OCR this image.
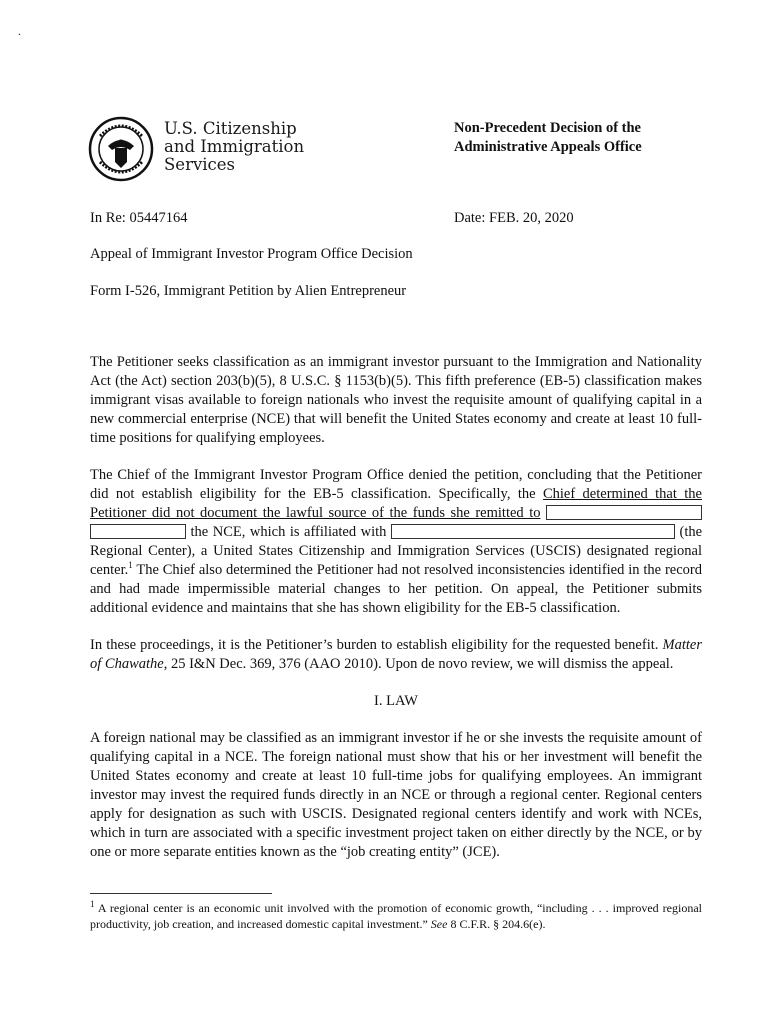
.
U.S. Citizenship
and Immigration
Services
Non-Precedent Decision of the
Administrative Appeals Office
In Re: 05447164	Date: FEB. 20, 2020
Appeal of Immigrant Investor Program Office Decision
Form I-526, Immigrant Petition by Alien Entrepreneur

The Petitioner seeks classification as an immigrant investor pursuant to the Immigration and Nationality Act (the Act) section 203(b)(5), 8 U.S.C. § 1153(b)(5). This fifth preference (EB-5) classification makes immigrant visas available to foreign nationals who invest the requisite amount of qualifying capital in a new commercial enterprise (NCE) that will benefit the United States economy and create at least 10 full-time positions for qualifying employees.

The Chief of the Immigrant Investor Program Office denied the petition, concluding that the Petitioner did not establish eligibility for the EB-5 classification. Specifically, the Chief determined that the Petitioner did not document the lawful source of the funds she remitted to   the NCE, which is affiliated with	(the Regional Center), a United States Citizenship and Immigration Services (USCIS) designated regional center.$^1$ The Chief also determined the Petitioner had not resolved inconsistencies identified in the record and had made impermissible material changes to her petition. On appeal, the Petitioner submits additional evidence and maintains that she has shown eligibility for the EB-5 classification.

In these proceedings, it is the Petitioner’s burden to establish eligibility for the requested benefit. Matter of Chawathe, 25 I&N Dec. 369, 376 (AAO 2010). Upon de novo review, we will dismiss the appeal.

I. LAW

A foreign national may be classified as an immigrant investor if he or she invests the requisite amount of qualifying capital in a NCE. The foreign national must show that his or her investment will benefit the United States economy and create at least 10 full-time jobs for qualifying employees. An immigrant investor may invest the required funds directly in an NCE or through a regional center. Regional centers apply for designation as such with USCIS. Designated regional centers identify and work with NCEs, which in turn are associated with a specific investment project taken on either directly by the NCE, or by one or more separate entities known as the “job creating entity” (JCE).

$^1$ A regional center is an economic unit involved with the promotion of economic growth, “including . . . improved regional productivity, job creation, and increased domestic capital investment.” See 8 C.F.R. § 204.6(e).
